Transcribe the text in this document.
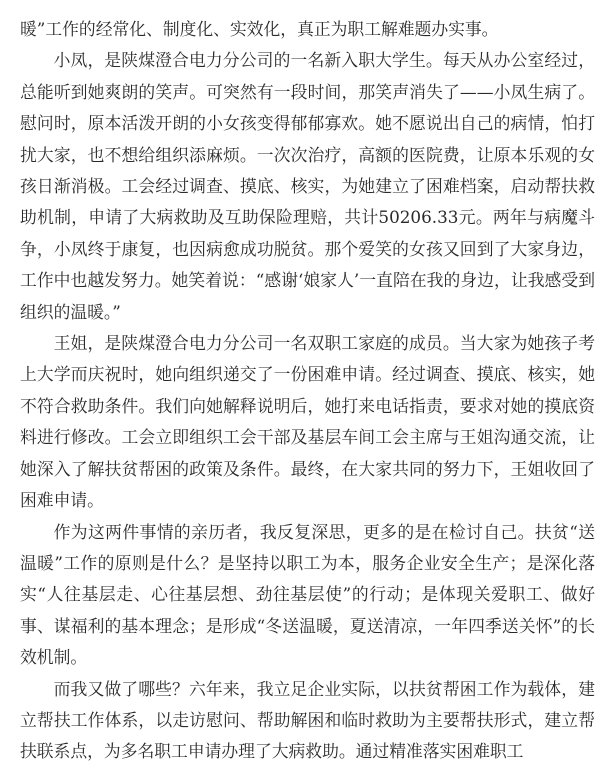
暖”工作的经常化、制度化、实效化，真正为职工解难题办实事。

小凤，是陕煤澄合电力分公司的一名新入职大学生。每天从办公室经过，总能听到她爽朗的笑声。可突然有一段时间，那笑声消失了——小凤生病了。慰问时，原本活泼开朗的小女孩变得郁郁寡欢。她不愿说出自己的病情，怕打扰大家，也不想给组织添麻烦。一次次治疗，高额的医院费，让原本乐观的女孩日渐消极。工会经过调查、摸底、核实，为她建立了困难档案，启动帮扶救助机制，申请了大病救助及互助保险理赔，共计50206.33元。两年与病魔斗争，小凤终于康复，也因病愈成功脱贫。那个爱笑的女孩又回到了大家身边，工作中也越发努力。她笑着说：“感谢‘娘家人’一直陪在我的身边，让我感受到组织的温暖。”

王姐，是陕煤澄合电力分公司一名双职工家庭的成员。当大家为她孩子考上大学而庆祝时，她向组织递交了一份困难申请。经过调查、摸底、核实，她不符合救助条件。我们向她解释说明后，她打来电话指责，要求对她的摸底资料进行修改。工会立即组织工会干部及基层车间工会主席与王姐沟通交流，让她深入了解扶贫帮困的政策及条件。最终，在大家共同的努力下，王姐收回了困难申请。

作为这两件事情的亲历者，我反复深思，更多的是在检讨自己。扶贫“送温暖”工作的原则是什么？是坚持以职工为本，服务企业安全生产；是深化落实“人往基层走、心往基层想、劲往基层使”的行动；是体现关爱职工、做好事、谋福利的基本理念；是形成“冬送温暖，夏送清凉，一年四季送关怀”的长效机制。

而我又做了哪些？六年来，我立足企业实际，以扶贫帮困工作为载体，建立帮扶工作体系，以走访慰问、帮助解困和临时救助为主要帮扶形式，建立帮扶联系点，为多名职工申请办理了大病救助。通过精准落实困难职工
